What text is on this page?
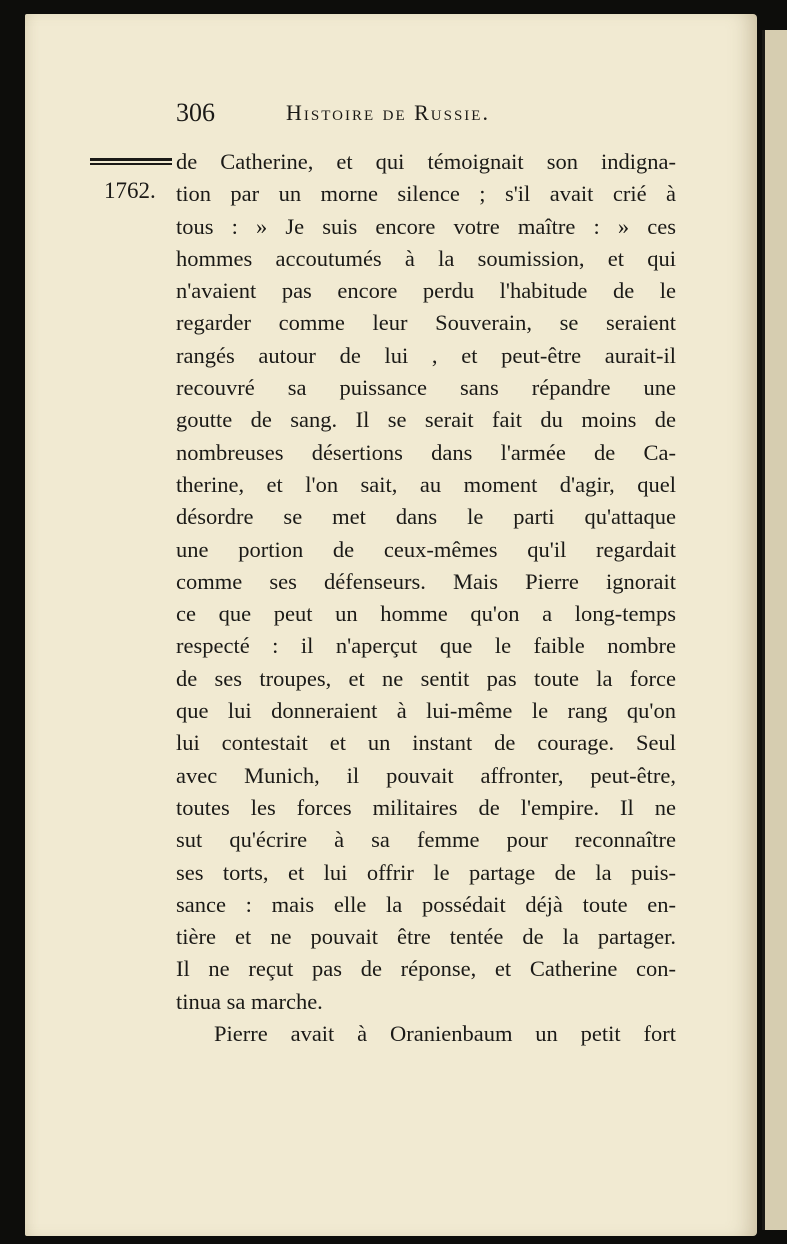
306	Histoire de Russie.
1762.
de Catherine, et qui témoignait son indigna-
tion par un morne silence ; s'il avait crié à
tous : » Je suis encore votre maître : » ces
hommes accoutumés à la soumission, et qui
n'avaient pas encore perdu l'habitude de le
regarder comme leur Souverain, se seraient
rangés autour de lui , et peut-être aurait-il
recouvré sa puissance sans répandre une
goutte de sang. Il se serait fait du moins de
nombreuses désertions dans l'armée de Ca-
therine, et l'on sait, au moment d'agir, quel
désordre se met dans le parti qu'attaque
une portion de ceux-mêmes qu'il regardait
comme ses défenseurs. Mais Pierre ignorait
ce que peut un homme qu'on a long-temps
respecté : il n'aperçut que le faible nombre
de ses troupes, et ne sentit pas toute la force
que lui donneraient à lui-même le rang qu'on
lui contestait et un instant de courage. Seul
avec Munich, il pouvait affronter, peut-être,
toutes les forces militaires de l'empire. Il ne
sut qu'écrire à sa femme pour reconnaître
ses torts, et lui offrir le partage de la puis-
sance : mais elle la possédait déjà toute en-
tière et ne pouvait être tentée de la partager.
Il ne reçut pas de réponse, et Catherine con-
tinua sa marche.
Pierre avait à Oranienbaum un petit fort
